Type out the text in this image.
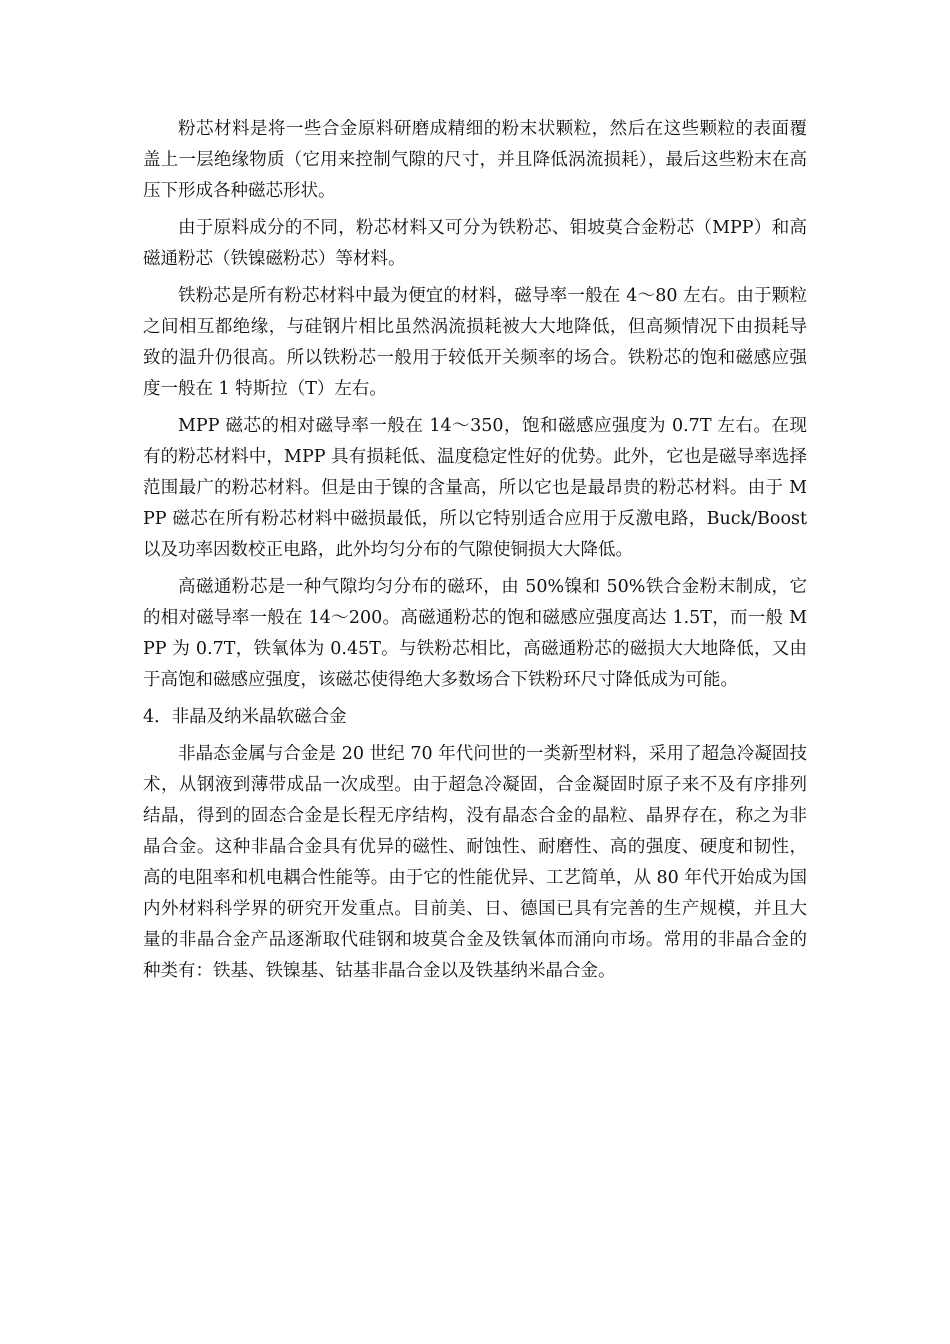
粉芯材料是将一些合金原料研磨成精细的粉末状颗粒，然后在这些颗粒的表面覆盖上一层绝缘物质（它用来控制气隙的尺寸，并且降低涡流损耗），最后这些粉末在高压下形成各种磁芯形状。

由于原料成分的不同，粉芯材料又可分为铁粉芯、钼坡莫合金粉芯（MPP）和高磁通粉芯（铁镍磁粉芯）等材料。

铁粉芯是所有粉芯材料中最为便宜的材料，磁导率一般在 4～80 左右。由于颗粒之间相互都绝缘，与硅钢片相比虽然涡流损耗被大大地降低，但高频情况下由损耗导致的温升仍很高。所以铁粉芯一般用于较低开关频率的场合。铁粉芯的饱和磁感应强度一般在 1 特斯拉（T）左右。

MPP 磁芯的相对磁导率一般在 14～350，饱和磁感应强度为 0.7T 左右。在现有的粉芯材料中，MPP 具有损耗低、温度稳定性好的优势。此外，它也是磁导率选择范围最广的粉芯材料。但是由于镍的含量高，所以它也是最昂贵的粉芯材料。由于 MPP 磁芯在所有粉芯材料中磁损最低，所以它特别适合应用于反激电路，Buck/Boost 以及功率因数校正电路，此外均匀分布的气隙使铜损大大降低。

高磁通粉芯是一种气隙均匀分布的磁环，由 50%镍和 50%铁合金粉末制成，它的相对磁导率一般在 14～200。高磁通粉芯的饱和磁感应强度高达 1.5T，而一般 MPP 为 0.7T，铁氧体为 0.45T。与铁粉芯相比，高磁通粉芯的磁损大大地降低，又由于高饱和磁感应强度，该磁芯使得绝大多数场合下铁粉环尺寸降低成为可能。

4．非晶及纳米晶软磁合金

非晶态金属与合金是 20 世纪 70 年代问世的一类新型材料，采用了超急冷凝固技术，从钢液到薄带成品一次成型。由于超急冷凝固，合金凝固时原子来不及有序排列结晶，得到的固态合金是长程无序结构，没有晶态合金的晶粒、晶界存在，称之为非晶合金。这种非晶合金具有优异的磁性、耐蚀性、耐磨性、高的强度、硬度和韧性，高的电阻率和机电耦合性能等。由于它的性能优异、工艺简单，从 80 年代开始成为国内外材料科学界的研究开发重点。目前美、日、德国已具有完善的生产规模，并且大量的非晶合金产品逐渐取代硅钢和坡莫合金及铁氧体而涌向市场。常用的非晶合金的种类有：铁基、铁镍基、钴基非晶合金以及铁基纳米晶合金。
